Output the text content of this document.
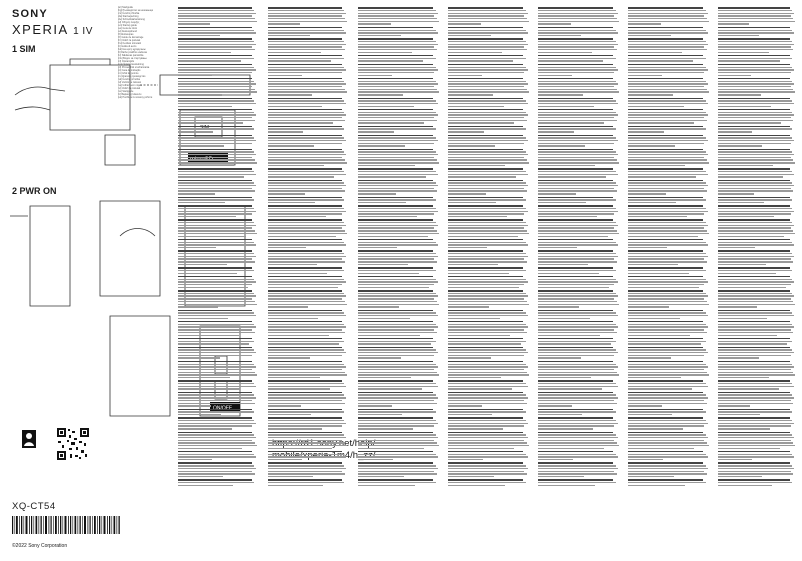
SONY
XPERIA 1 IV
1 SIM
2 PWR ON
XQ-CT54
©2022 Sony Corporation

[ar] Startguide
[bg] Ръководство за начинаещи
[cs] Úvodní příručka
[da] Startvejledning
[de] Schnellstartanleitung
[el] Οδηγός έναρξης
[en] Startup guide
[es] Guía de inicio
[et] Alustusjuhend
[fi] Aloitusopas
[fr] Guide de démarrage
[hr] Vodič za početak
[hu] Kezdési útmutató
[it] Guida di avvio
[kk] Іске қосу нұсқаулығы
[lt] Darbo pradžios vadovas
[lv] Sākšanas pamācība
[mk] Водич за стартување
[nl] Opstartgids
[no] Oppstartsveiledning
[pl] Przewodnik uruchamiania
[pt] Guia de iniciação
[ro] Ghid de pornire
[ru] Краткое руководство
[sk] Úvodná príručka
[sl] Vodnik za začetek
[sq] Udhëzuesi i nisjes
[sr] Vodič za početak
[sv] Startguide
[tr] Başlangıç kılavuzu
[uk] Посібник із початку роботи
